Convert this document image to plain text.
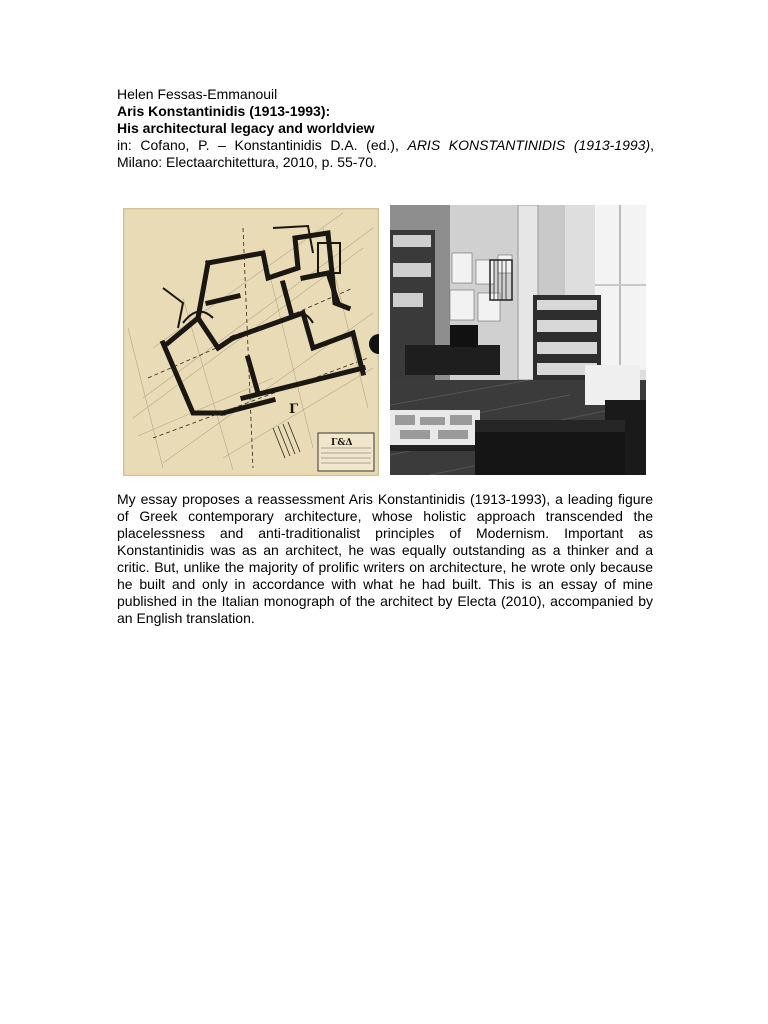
Helen Fessas-Emmanouil
Aris Konstantinidis (1913-1993):
His architectural legacy and worldview
in: Cofano, P. – Konstantinidis D.A. (ed.), ARIS KONSTANTINIDIS (1913-1993), Milano: Electaarchitettura, 2010, p. 55-70.
Γ
Γ&Δ
My essay proposes a reassessment Aris Konstantinidis (1913-1993), a leading figure of Greek contemporary architecture, whose holistic approach transcended the placelessness and anti-traditionalist principles of Modernism. Important as Konstantinidis was as an architect, he was equally outstanding as a thinker and a critic. But, unlike the majority of prolific writers on architecture, he wrote only because he built and only in accordance with what he had built. This is an essay of mine published in the Italian monograph of the architect by Electa (2010), accompanied by an English translation.
